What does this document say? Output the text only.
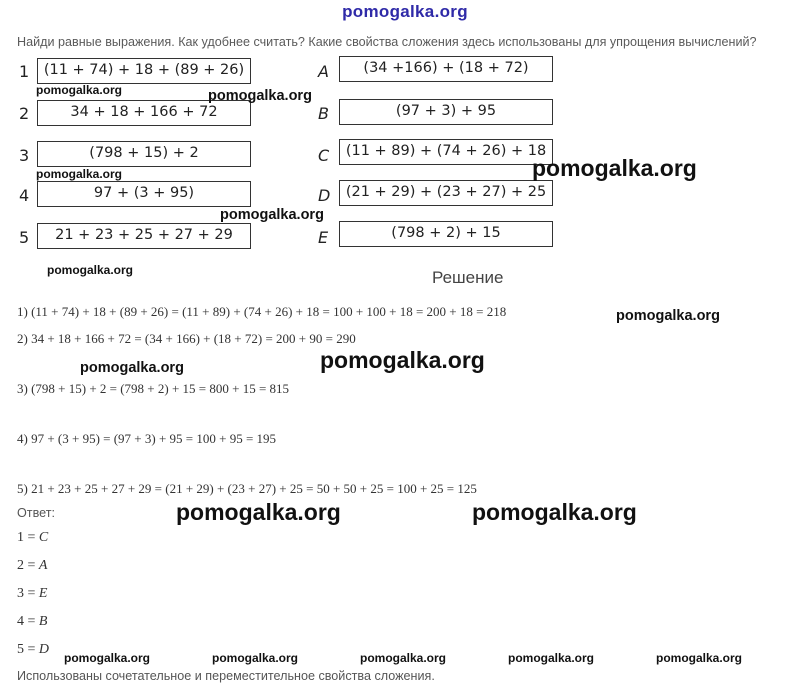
pomogalka.org
Найди равные выражения. Как удобнее считать? Какие свойства сложения здесь использованы для упрощения вычислений?
1	(11 + 74) + 18 + (89 + 26)
2	34 + 18 + 166 + 72
3	(798 + 15) + 2
4	97 + (3 + 95)
5	21 + 23 + 25 + 27 + 29
A	(34 +166) + (18 + 72)
B	(97 + 3) + 95
C	(11 + 89) + (74 + 26) + 18
D	(21 + 29) + (23 + 27) + 25
E	(798 + 2) + 15
pomogalka.org	pomogalka.org
pomogalka.org	pomogalka.org
pomogalka.org
pomogalka.org	Решение
1) (11 + 74) + 18 + (89 + 26) = (11 + 89) + (74 + 26) + 18 = 100 + 100 + 18 = 200 + 18 = 218
2) 34 + 18 + 166 + 72 = (34 + 166) + (18 + 72) = 200 + 90 = 290
3) (798 + 15) + 2 = (798 + 2) + 15 = 800 + 15 = 815
4) 97 + (3 + 95) = (97 + 3) + 95 = 100 + 95 = 195
5) 21 + 23 + 25 + 27 + 29 = (21 + 29) + (23 + 27) + 25 = 50 + 50 + 25 = 100 + 25 = 125
pomogalka.org
pomogalka.org	pomogalka.org
pomogalka.org	pomogalka.org
Ответ:
1 = C
2 = A
3 = E
4 = B
5 = D
pomogalka.org	pomogalka.org	pomogalka.org	pomogalka.org	pomogalka.org
Использованы сочетательное и переместительное свойства сложения.
